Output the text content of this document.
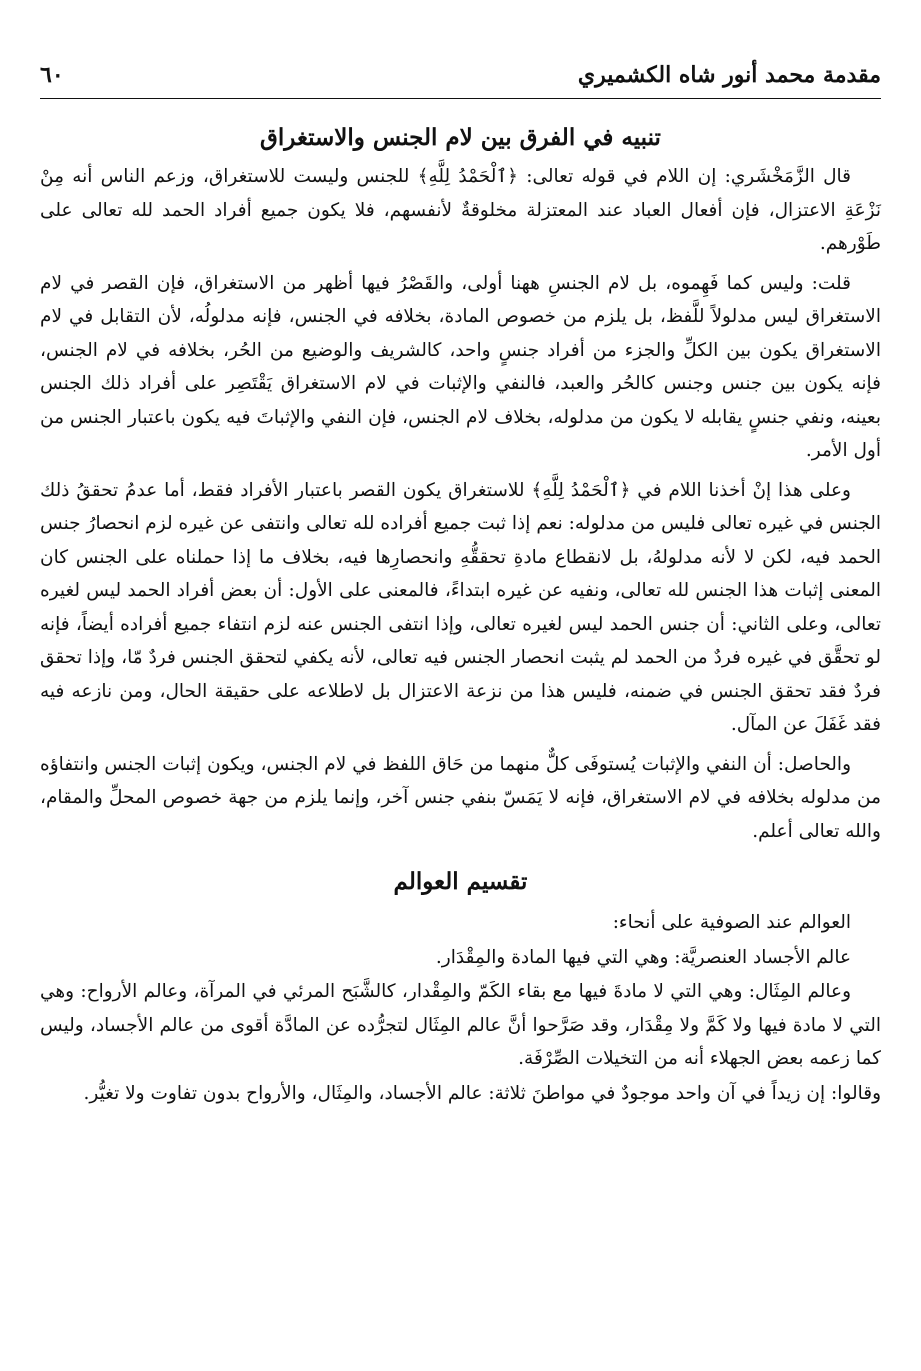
مقدمة محمد أنور شاه الكشميري
٦٠
تنبيه في الفرق بين لام الجنس والاستغراق

قال الزَّمَخْشَري: إن اللام في قوله تعالى: ﴿ٱلْحَمْدُ لِلَّهِ﴾ للجنس وليست للاستغراق، وزعم الناس أنه مِنْ نَزْعَةِ الاعتزال، فإن أفعال العباد عند المعتزلة مخلوقةٌ لأنفسهم، فلا يكون جميع أفراد الحمد لله تعالى على طَوْرهم.

قلت: وليس كما فَهِموه، بل لام الجنسِ ههنا أولى، والقَصْرُ فيها أظهر من الاستغراق، فإن القصر في لام الاستغراق ليس مدلولاً للَّفظ، بل يلزم من خصوص المادة، بخلافه في الجنس، فإنه مدلولُه، لأن التقابل في لام الاستغراق يكون بين الكلِّ والجزء من أفراد جنسٍ واحد، كالشريف والوضيع من الحُر، بخلافه في لام الجنس، فإنه يكون بين جنس وجنس كالحُر والعبد، فالنفي والإثبات في لام الاستغراق يَقْتَصِر على أفراد ذلك الجنس بعينه، ونفي جنسٍ يقابله لا يكون من مدلوله، بخلاف لام الجنس، فإن النفي والإثباتَ فيه يكون باعتبار الجنس من أول الأمر.

وعلى هذا إنْ أخذنا اللام في ﴿ٱلْحَمْدُ لِلَّهِ﴾ للاستغراق يكون القصر باعتبار الأفراد فقط، أما عدمُ تحققُ ذلك الجنس في غيره تعالى فليس من مدلوله: نعم إذا ثبت جميع أفراده لله تعالى وانتفى عن غيره لزم انحصارُ جنس الحمد فيه، لكن لا لأنه مدلولهُ، بل لانقطاع مادةِ تحققُّهِ وانحصارِها فيه، بخلاف ما إذا حملناه على الجنس كان المعنى إثبات هذا الجنس لله تعالى، ونفيه عن غيره ابتداءً، فالمعنى على الأول: أن بعض أفراد الحمد ليس لغيره تعالى، وعلى الثاني: أن جنس الحمد ليس لغيره تعالى، وإذا انتفى الجنس عنه لزم انتفاء جميع أفراده أيضاً، فإنه لو تحقَّق في غيره فردٌ من الحمد لم يثبت انحصار الجنس فيه تعالى، لأنه يكفي لتحقق الجنس فردٌ مّا، وإذا تحقق فردٌ فقد تحقق الجنس في ضمنه، فليس هذا من نزعة الاعتزال بل لاطلاعه على حقيقة الحال، ومن نازعه فيه فقد غَفَلَ عن المآل.

والحاصل: أن النفي والإثبات يُستوفَى كلٌّ منهما من حَاق اللفظ في لام الجنس، ويكون إثبات الجنس وانتفاؤه من مدلوله بخلافه في لام الاستغراق، فإنه لا يَمَسّ بنفي جنس آخر، وإنما يلزم من جهة خصوص المحلِّ والمقام، والله تعالى أعلم.

تقسيم العوالم

العوالم عند الصوفية على أنحاء:

عالم الأجساد العنصريَّة: وهي التي فيها المادة والمِقْدَار.

وعالم المِثَال: وهي التي لا مادةَ فيها مع بقاء الكَمّ والمِقْدار، كالشَّبَح المرئي في المرآة، وعالم الأرواح: وهي التي لا مادة فيها ولا كَمَّ ولا مِقْدَار، وقد صَرَّحوا أنَّ عالم المِثَال لتجرُّده عن المادَّة أقوى من عالم الأجساد، وليس كما زعمه بعض الجهلاء أنه من التخيلات الصِّرْفَة.

وقالوا: إن زيداً في آن واحد موجودٌ في مواطنَ ثلاثة: عالم الأجساد، والمِثَال، والأرواح بدون تفاوت ولا تغيُّر.
